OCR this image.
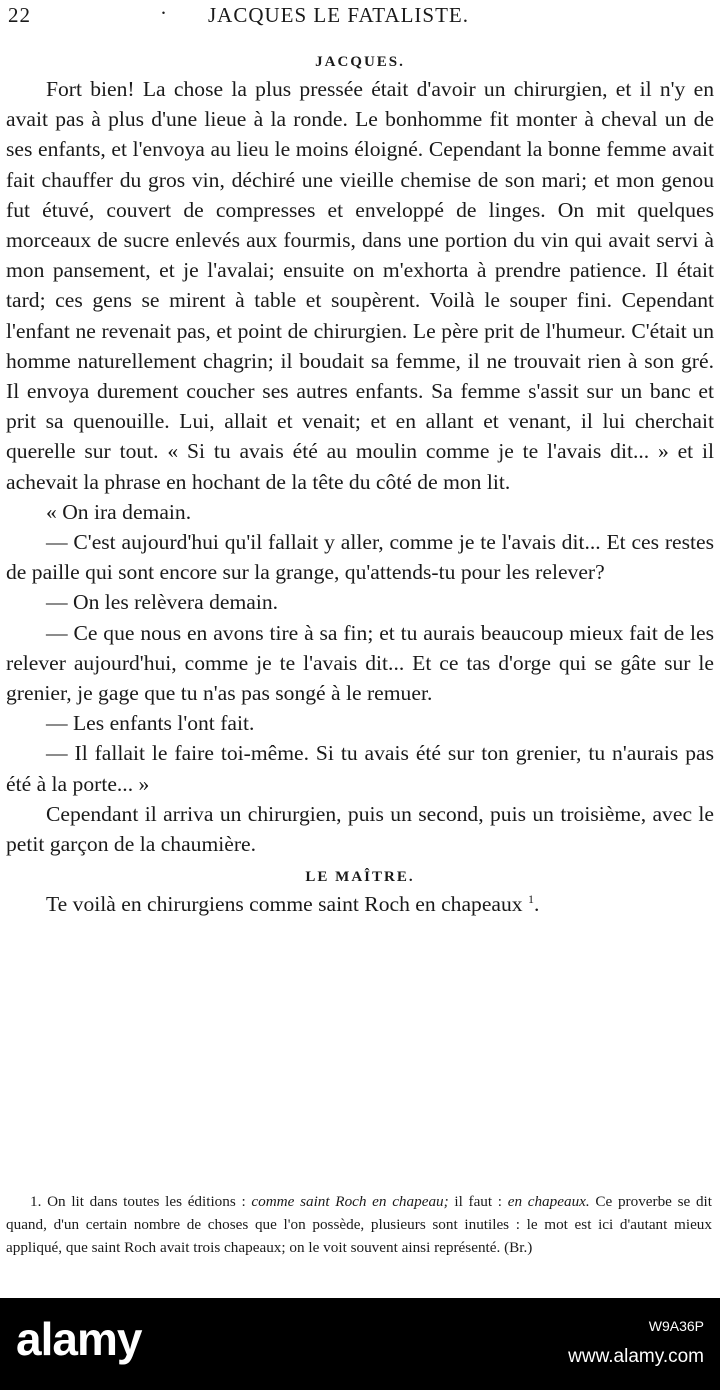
22	· JACQUES LE FATALISTE.
JACQUES.

Fort bien! La chose la plus pressée était d'avoir un chirurgien, et il n'y en avait pas à plus d'une lieue à la ronde. Le bonhomme fit monter à cheval un de ses enfants, et l'envoya au lieu le moins éloigné. Cependant la bonne femme avait fait chauffer du gros vin, déchiré une vieille chemise de son mari; et mon genou fut étuvé, couvert de compresses et enveloppé de linges. On mit quelques morceaux de sucre enlevés aux fourmis, dans une portion du vin qui avait servi à mon pansement, et je l'avalai; ensuite on m'exhorta à prendre patience. Il était tard; ces gens se mirent à table et soupèrent. Voilà le souper fini. Cependant l'enfant ne revenait pas, et point de chirurgien. Le père prit de l'humeur. C'était un homme naturellement chagrin; il boudait sa femme, il ne trouvait rien à son gré. Il envoya durement coucher ses autres enfants. Sa femme s'assit sur un banc et prit sa quenouille. Lui, allait et venait; et en allant et venant, il lui cherchait querelle sur tout. « Si tu avais été au moulin comme je te l'avais dit... » et il achevait la phrase en hochant de la tête du côté de mon lit.

« On ira demain.

— C'est aujourd'hui qu'il fallait y aller, comme je te l'avais dit... Et ces restes de paille qui sont encore sur la grange, qu'attends-tu pour les relever?

— On les relèvera demain.

— Ce que nous en avons tire à sa fin; et tu aurais beaucoup mieux fait de les relever aujourd'hui, comme je te l'avais dit... Et ce tas d'orge qui se gâte sur le grenier, je gage que tu n'as pas songé à le remuer.

— Les enfants l'ont fait.

— Il fallait le faire toi-même. Si tu avais été sur ton grenier, tu n'aurais pas été à la porte... »

Cependant il arriva un chirurgien, puis un second, puis un troisième, avec le petit garçon de la chaumière.

LE MAÎTRE.

Te voilà en chirurgiens comme saint Roch en chapeaux $^1$.

1. On lit dans toutes les éditions : comme saint Roch en chapeau; il faut : en chapeaux. Ce proverbe se dit quand, d'un certain nombre de choses que l'on possède, plusieurs sont inutiles : le mot est ici d'autant mieux appliqué, que saint Roch avait trois chapeaux; on le voit souvent ainsi représenté. (Br.)

alamy	W9A36P
www.alamy.com
